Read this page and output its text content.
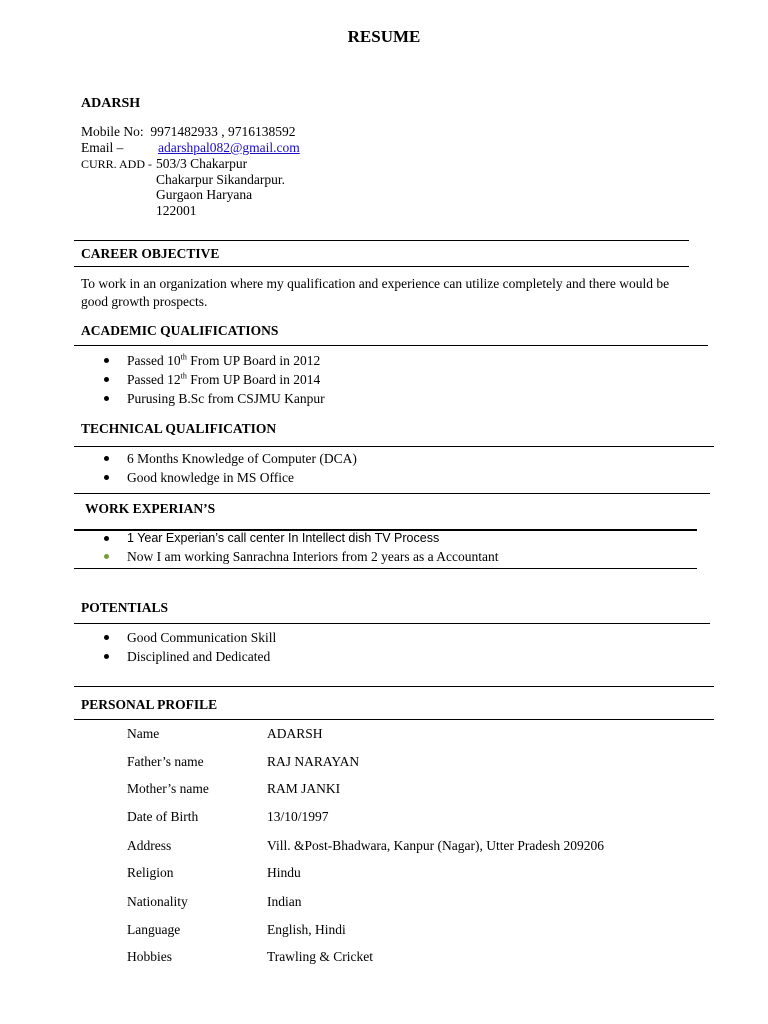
RESUME
ADARSH
Mobile No: 9971482933 , 9716138592
Email –	adarshpal082@gmail.com
CURR. ADD - 503/3 Chakarpur
Chakarpur Sikandarpur.
Gurgaon Haryana
122001
CAREER OBJECTIVE
To work in an organization where my qualification and experience can utilize completely and there would be good growth prospects.
ACADEMIC QUALIFICATIONS
Passed 10th From UP Board in 2012
Passed 12th From UP Board in 2014
Purusing B.Sc from CSJMU Kanpur
TECHNICAL QUALIFICATION
6 Months Knowledge of Computer (DCA)
Good knowledge in MS Office
WORK EXPERIAN’S
1 Year Experian’s call center In Intellect dish TV Process
Now I am working Sanrachna Interiors from 2 years as a Accountant
POTENTIALS
Good Communication Skill
Disciplined and Dedicated
PERSONAL PROFILE
Name	ADARSH
Father’s name	RAJ NARAYAN
Mother’s name	RAM JANKI
Date of Birth	13/10/1997
Address	Vill. &Post-Bhadwara, Kanpur (Nagar), Utter Pradesh 209206
Religion	Hindu
Nationality	Indian
Language	English, Hindi
Hobbies	Trawling & Cricket
